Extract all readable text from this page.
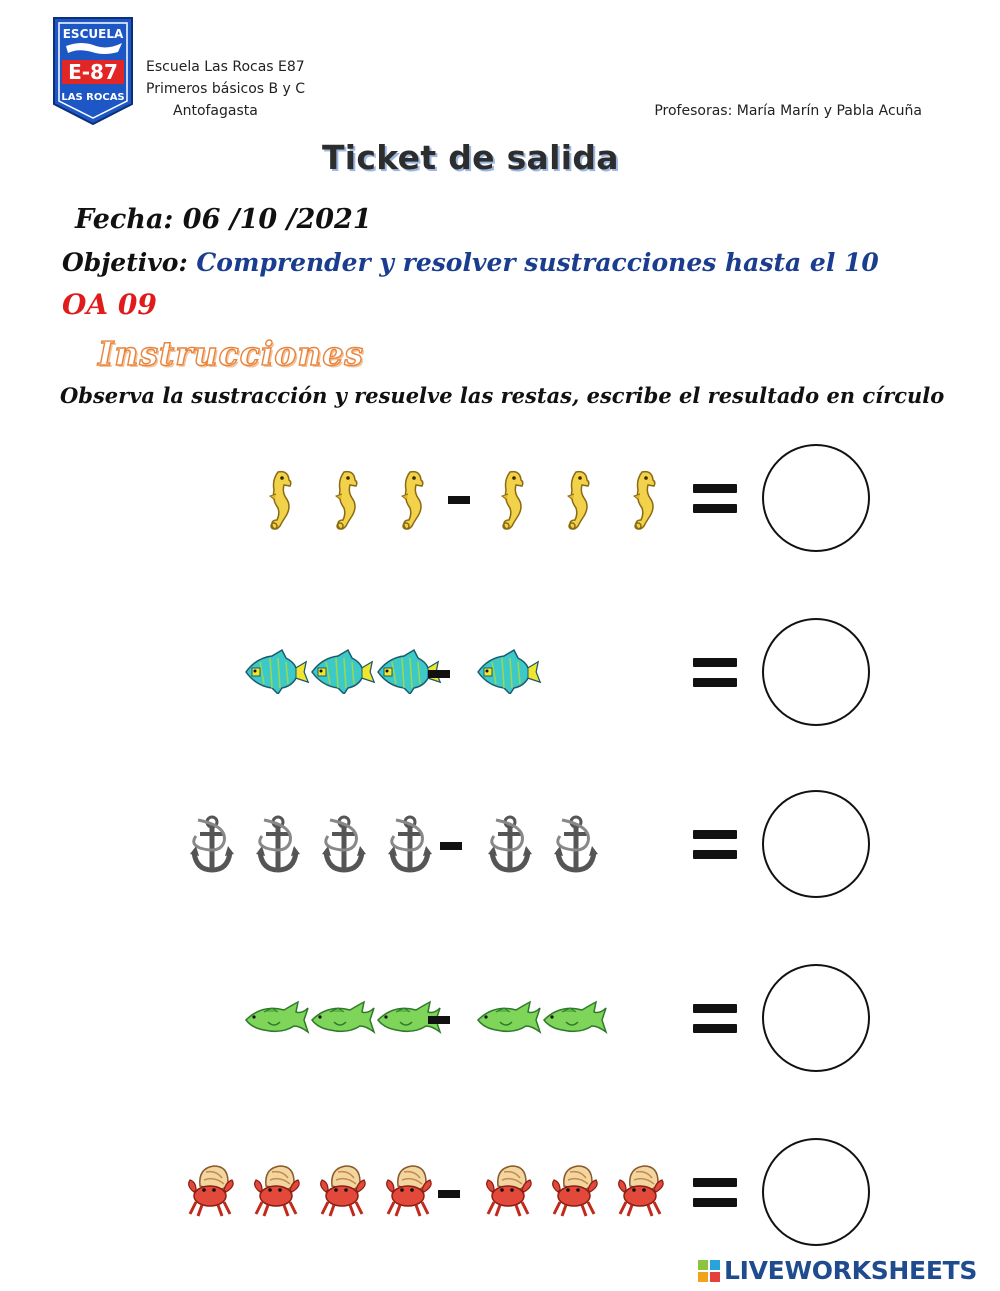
ESCUELA
E-87
LAS ROCAS
Escuela Las Rocas E87
Primeros básicos B y C
Antofagasta	Profesoras: María Marín y Pabla Acuña
Ticket de salida
Fecha: 06 /10 /2021
Objetivo: Comprender y resolver sustracciones hasta el 10
OA 09
Instrucciones
Observa la sustracción y resuelve las restas, escribe el resultado en círculo
LIVEWORKSHEETS
